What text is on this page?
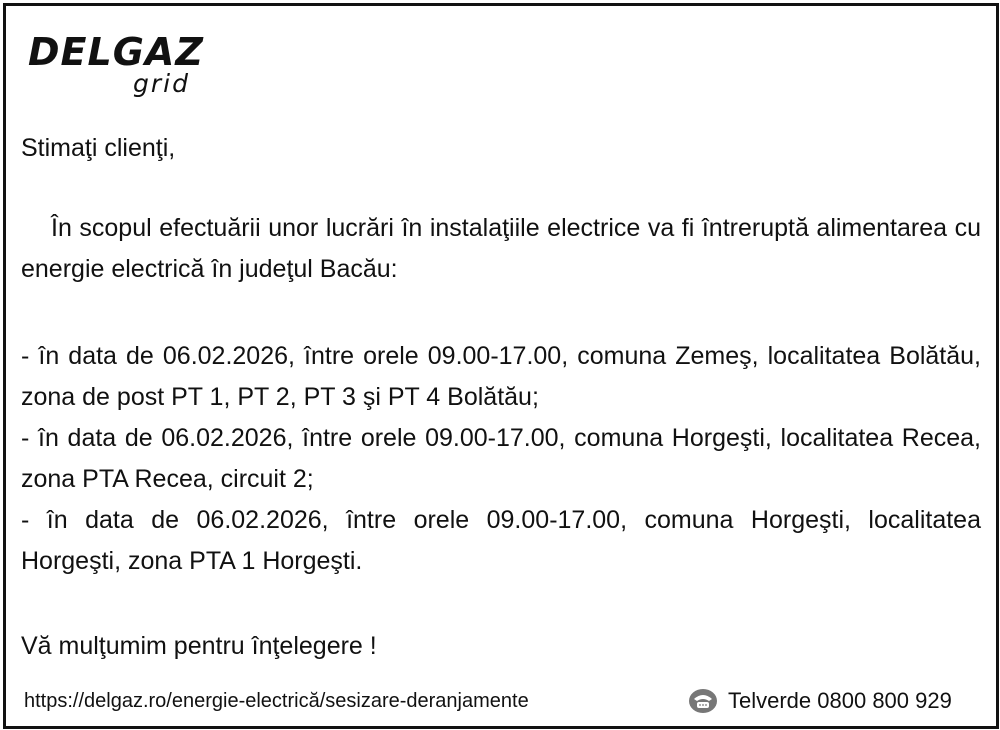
DELGAZ
grid
Stimaţi clienţi,
În scopul efectuării unor lucrări în instalaţiile electrice va fi întreruptă alimentarea cu energie electrică în judeţul Bacău:
- în data de 06.02.2026, între orele 09.00-17.00, comuna Zemeş, localitatea Bolătău, zona de post PT 1, PT 2, PT 3 şi PT 4 Bolătău;
- în data de 06.02.2026, între orele 09.00-17.00, comuna Horgeşti, localitatea Recea, zona PTA Recea, circuit 2;
- în data de 06.02.2026, între orele 09.00-17.00, comuna Horgeşti, localitatea Horgeşti, zona PTA 1 Horgeşti.
Vă mulţumim pentru înţelegere !
https://delgaz.ro/energie-electrică/sesizare-deranjamente	Telverde 0800 800 929
